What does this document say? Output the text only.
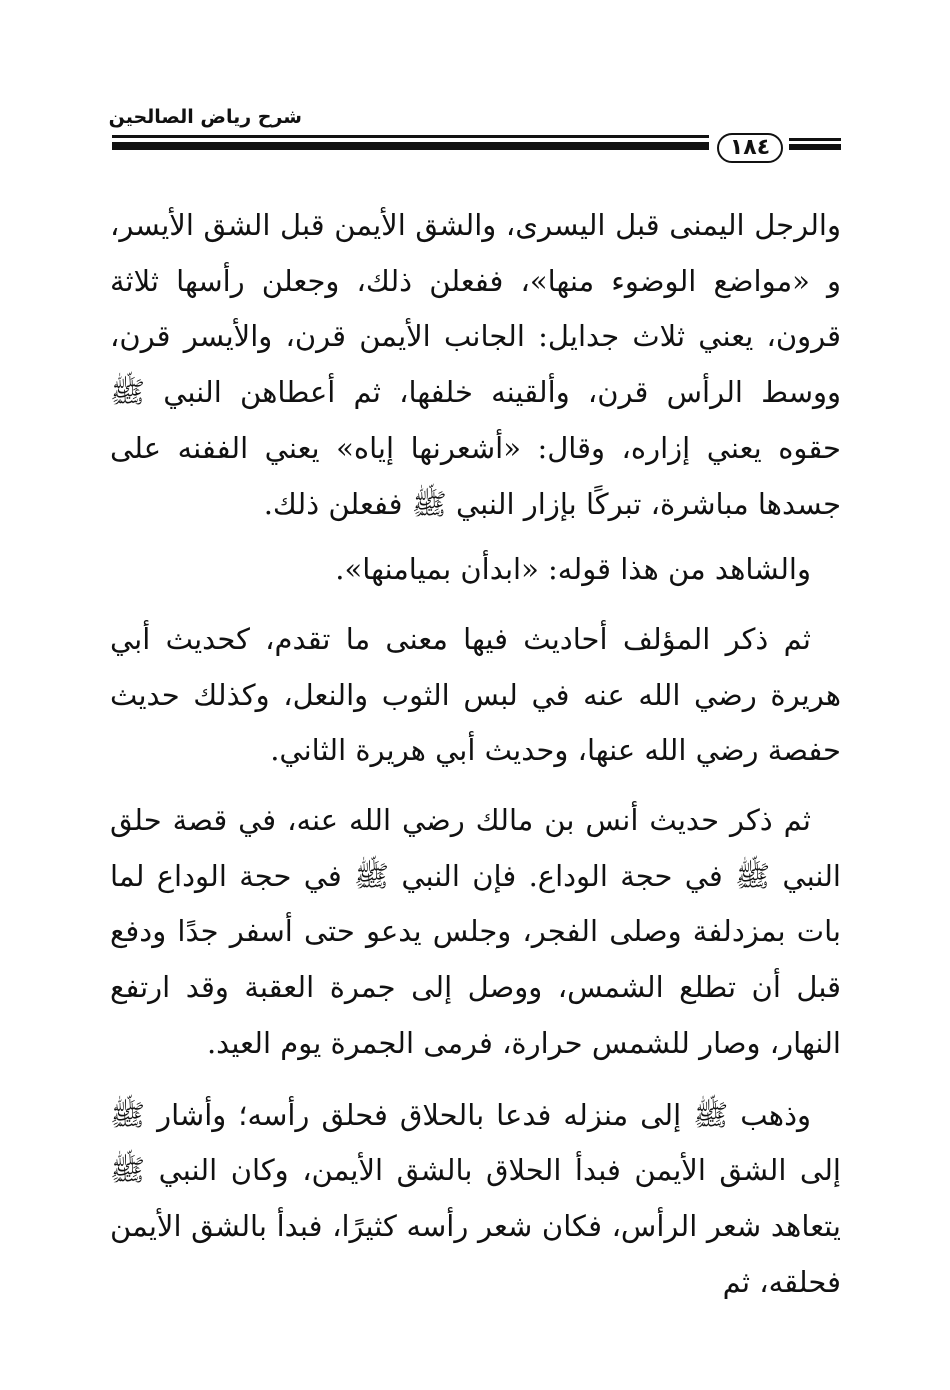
شرح رياض الصالحين
١٨٤

والرجل اليمنى قبل اليسرى، والشق الأيمن قبل الشق الأيسر، و «مواضع الوضوء منها»، ففعلن ذلك، وجعلن رأسها ثلاثة قرون، يعني ثلاث جدايل: الجانب الأيمن قرن، والأيسر قرن، ووسط الرأس قرن، وألقينه خلفها، ثم أعطاهن النبي ﷺ حقوه يعني إزاره، وقال: «أشعرنها إياه» يعني الففنه على جسدها مباشرة، تبركًا بإزار النبي ﷺ ففعلن ذلك.

والشاهد من هذا قوله: «ابدأن بميامنها».

ثم ذكر المؤلف أحاديث فيها معنى ما تقدم، كحديث أبي هريرة رضي الله عنه في لبس الثوب والنعل، وكذلك حديث حفصة رضي الله عنها، وحديث أبي هريرة الثاني.

ثم ذكر حديث أنس بن مالك رضي الله عنه، في قصة حلق النبي ﷺ في حجة الوداع. فإن النبي ﷺ في حجة الوداع لما بات بمزدلفة وصلى الفجر، وجلس يدعو حتى أسفر جدًا ودفع قبل أن تطلع الشمس، ووصل إلى جمرة العقبة وقد ارتفع النهار، وصار للشمس حرارة، فرمى الجمرة يوم العيد.

وذهب ﷺ إلى منزله فدعا بالحلاق فحلق رأسه؛ وأشار ﷺ إلى الشق الأيمن فبدأ الحلاق بالشق الأيمن، وكان النبي ﷺ يتعاهد شعر الرأس، فكان شعر رأسه كثيرًا، فبدأ بالشق الأيمن فحلقه، ثم
